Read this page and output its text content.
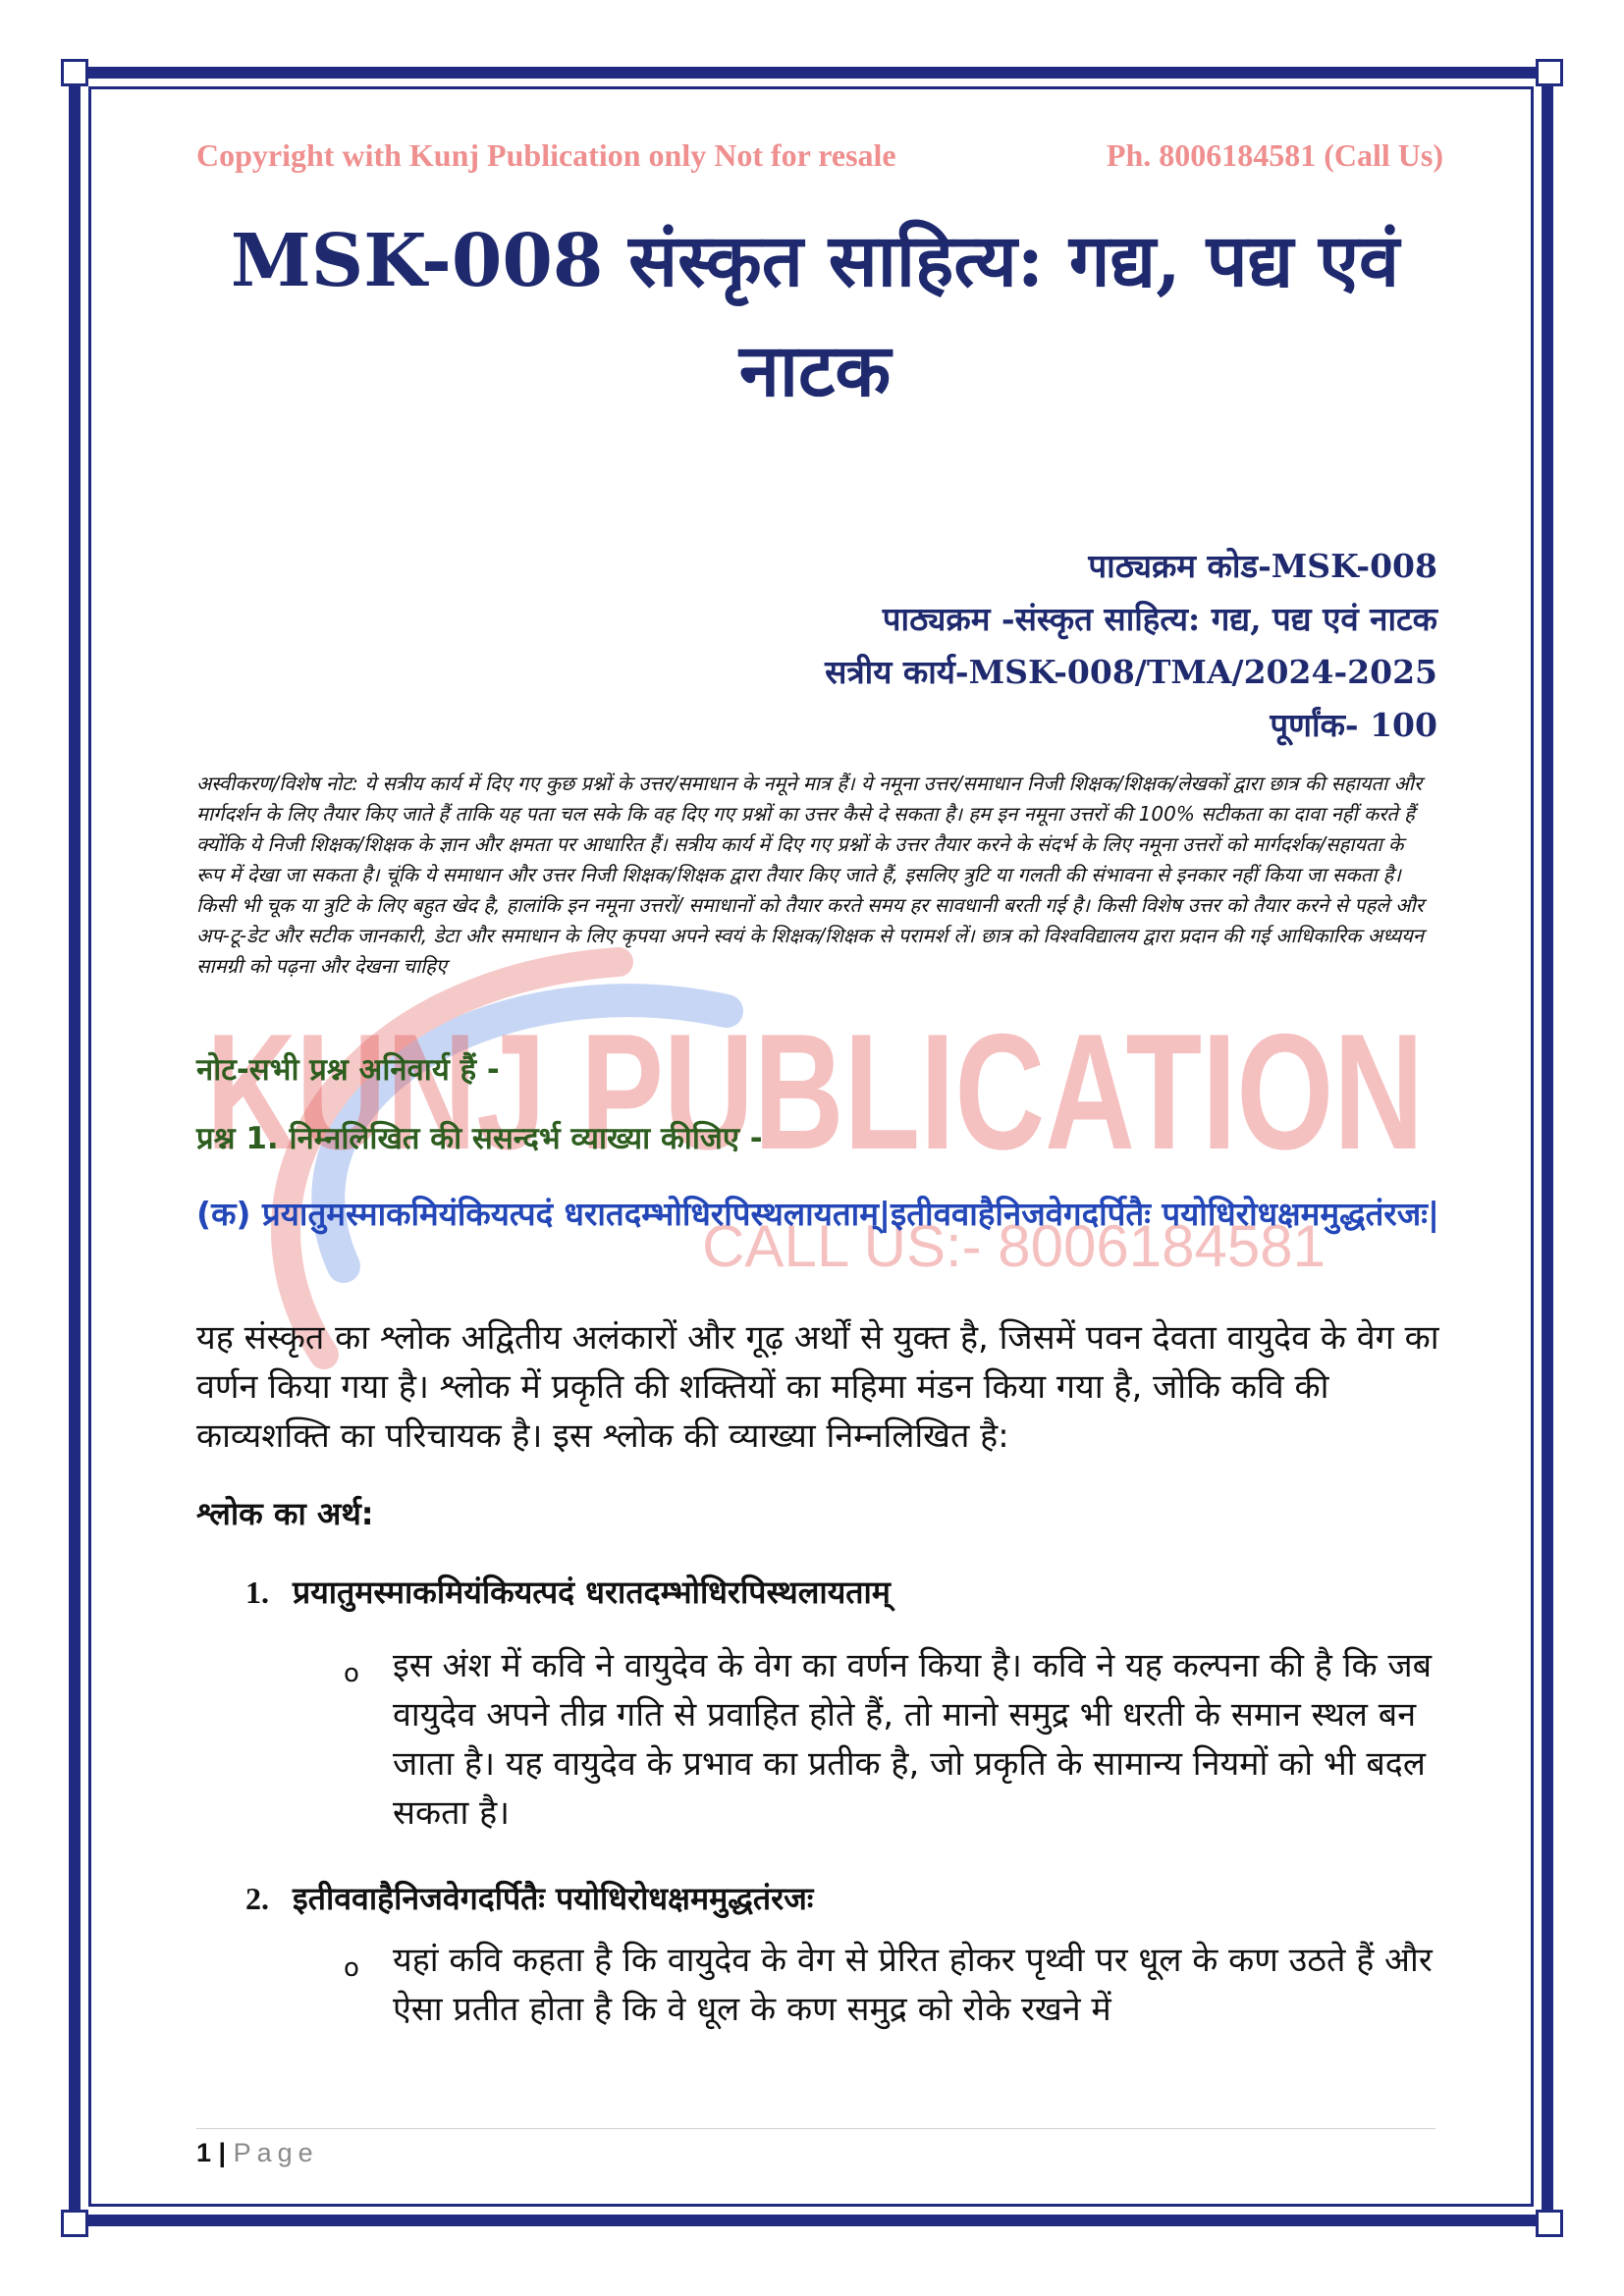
KUNJ PUBLICATION
CALL US:- 8006184581
Copyright with Kunj Publication only Not for resale	Ph. 8006184581 (Call Us)
MSK-008 संस्कृत साहित्य: गद्य, पद्य एवं
नाटक
पाठ्यक्रम कोड-MSK-008
पाठ्यक्रम -संस्कृत साहित्य: गद्य, पद्य एवं नाटक
सत्रीय कार्य-MSK-008/TMA/2024-2025
पूर्णांक- 100
अस्वीकरण/विशेष नोट: ये सत्रीय कार्य में दिए गए कुछ प्रश्नों के उत्तर/समाधान के नमूने मात्र हैं। ये नमूना उत्तर/समाधान निजी शिक्षक/शिक्षक/लेखकों द्वारा छात्र की सहायता और मार्गदर्शन के लिए तैयार किए जाते हैं ताकि यह पता चल सके कि वह दिए गए प्रश्नों का उत्तर कैसे दे सकता है। हम इन नमूना उत्तरों की 100% सटीकता का दावा नहीं करते हैं क्योंकि ये निजी शिक्षक/शिक्षक के ज्ञान और क्षमता पर आधारित हैं। सत्रीय कार्य में दिए गए प्रश्नों के उत्तर तैयार करने के संदर्भ के लिए नमूना उत्तरों को मार्गदर्शक/सहायता के रूप में देखा जा सकता है। चूंकि ये समाधान और उत्तर निजी शिक्षक/शिक्षक द्वारा तैयार किए जाते हैं, इसलिए त्रुटि या गलती की संभावना से इनकार नहीं किया जा सकता है। किसी भी चूक या त्रुटि के लिए बहुत खेद है, हालांकि इन नमूना उत्तरों/ समाधानों को तैयार करते समय हर सावधानी बरती गई है। किसी विशेष उत्तर को तैयार करने से पहले और अप-टू-डेट और सटीक जानकारी, डेटा और समाधान के लिए कृपया अपने स्वयं के शिक्षक/शिक्षक से परामर्श लें। छात्र को विश्वविद्यालय द्वारा प्रदान की गई आधिकारिक अध्ययन सामग्री को पढ़ना और देखना चाहिए
नोट-सभी प्रश्न अनिवार्य हैं -
प्रश्न 1. निम्नलिखित की ससन्दर्भ व्याख्या कीजिए -
(क) प्रयातुमस्माकमियंकियत्पदं धरातदम्भोधिरपिस्थलायताम्|इतीववाहैनिजवेगदर्पितैः पयोधिरोधक्षममुद्धतंरजः|
यह संस्कृत का श्लोक अद्वितीय अलंकारों और गूढ़ अर्थों से युक्त है, जिसमें पवन देवता वायुदेव के वेग का वर्णन किया गया है। श्लोक में प्रकृति की शक्तियों का महिमा मंडन किया गया है, जोकि कवि की काव्यशक्ति का परिचायक है। इस श्लोक की व्याख्या निम्नलिखित है:
श्लोक का अर्थ:
1. प्रयातुमस्माकमियंकियत्पदं धरातदम्भोधिरपिस्थलायताम्
o	इस अंश में कवि ने वायुदेव के वेग का वर्णन किया है। कवि ने यह कल्पना की है कि जब वायुदेव अपने तीव्र गति से प्रवाहित होते हैं, तो मानो समुद्र भी धरती के समान स्थल बन जाता है। यह वायुदेव के प्रभाव का प्रतीक है, जो प्रकृति के सामान्य नियमों को भी बदल सकता है।
2. इतीववाहैनिजवेगदर्पितैः पयोधिरोधक्षममुद्धतंरजः
o	यहां कवि कहता है कि वायुदेव के वेग से प्रेरित होकर पृथ्वी पर धूल के कण उठते हैं और ऐसा प्रतीत होता है कि वे धूल के कण समुद्र को रोके रखने में
1 | Page
